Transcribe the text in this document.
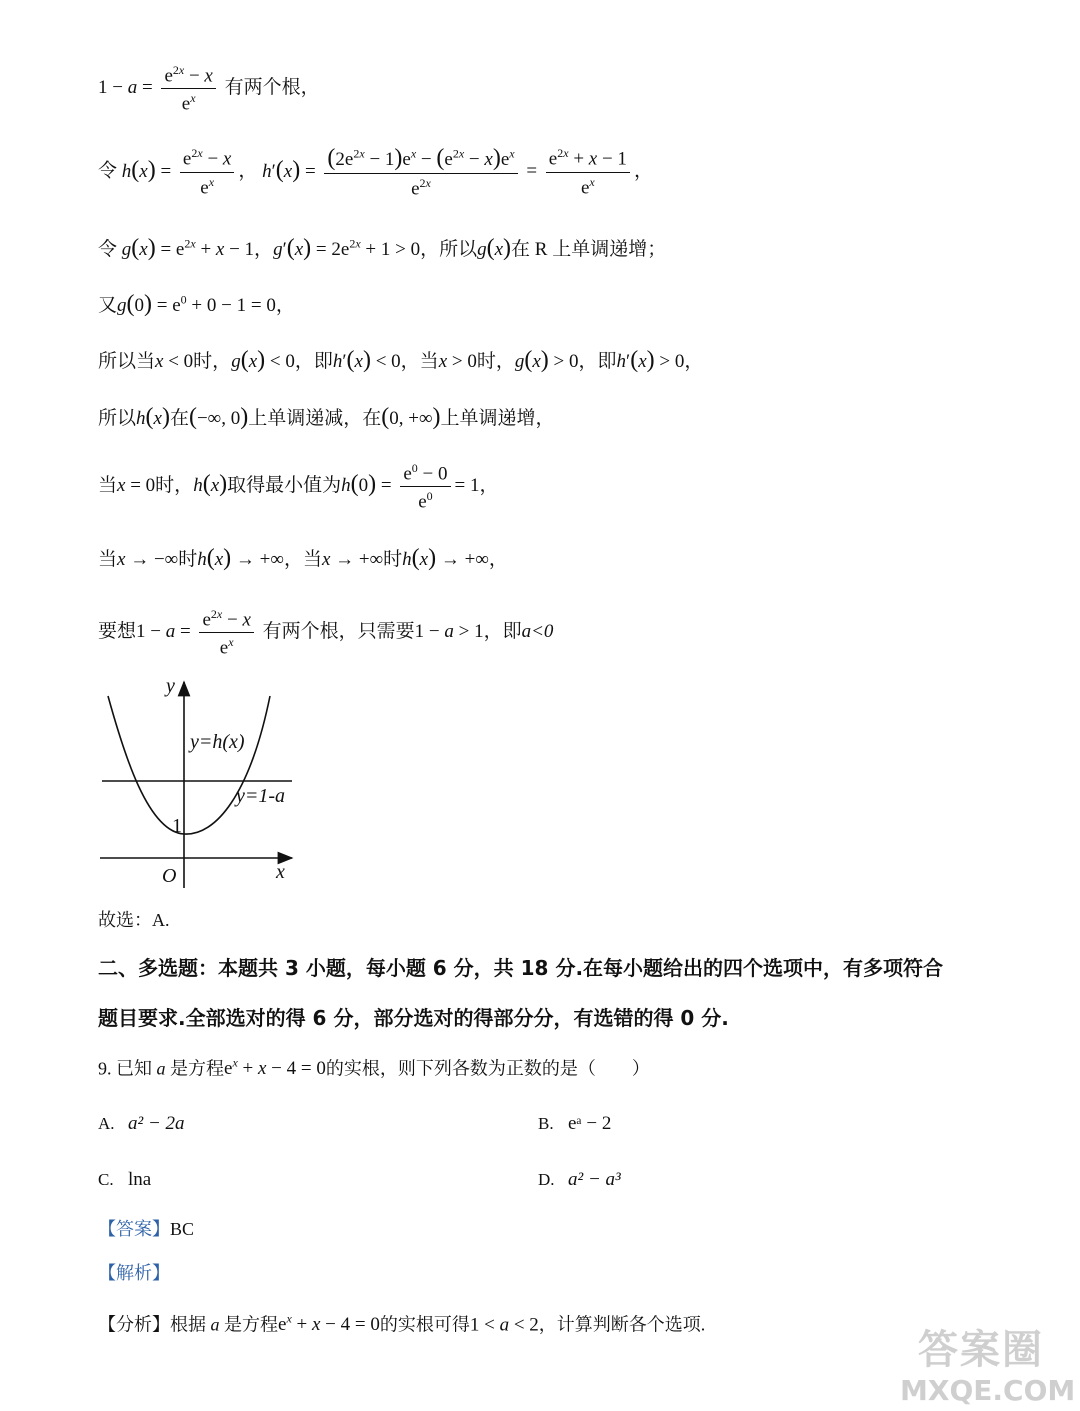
$1 - a = \frac{e^{2x} - x}{e^x}$ 有两个根，
令 $h(x) = \frac{e^{2x} - x}{e^x}$ ， $h'(x) = \frac{(2e^{2x} - 1)e^x - (e^{2x} - x)e^x}{e^{2x}} = \frac{e^{2x} + x - 1}{e^x}$ ，
令 $g(x) = e^{2x} + x - 1$，$g'(x) = 2e^{2x} + 1 > 0$，所以g(x)在 R 上单调递增；
又$g(0) = e^0 + 0 - 1 = 0$，
所以当x < 0时，g(x) < 0，即h′(x) < 0，当x > 0时，g(x) > 0，即h′(x) > 0，
所以h(x)在(−∞, 0)上单调递减，在(0, +∞)上单调递增，
当x = 0时，h(x)取得最小值为$h(0) = \frac{e^0 - 0}{e^0} = 1$，
当x → −∞时h(x) → +∞，当x → +∞时h(x) → +∞，
要想$1 - a = \frac{e^{2x} - x}{e^x}$ 有两个根，只需要1 − a > 1，即a<0
y
x
O
1
y=h(x)
y=1-a
故选：A.
二、多选题：本题共 3 小题，每小题 6 分，共 18 分.在每小题给出的四个选项中，有多项符合
题目要求.全部选对的得 6 分，部分选对的得部分分，有选错的得 0 分.
9. 已知 a 是方程$e^x + x - 4 = 0$的实根，则下列各数为正数的是（　　）
A. a² − 2a	B. eᵃ − 2
C. lna	D. a² − a³
【答案】BC
【解析】
【分析】根据 a 是方程$e^x + x - 4 = 0$的实根可得1 < a < 2，计算判断各个选项.
答案圈
MXQE.COM
